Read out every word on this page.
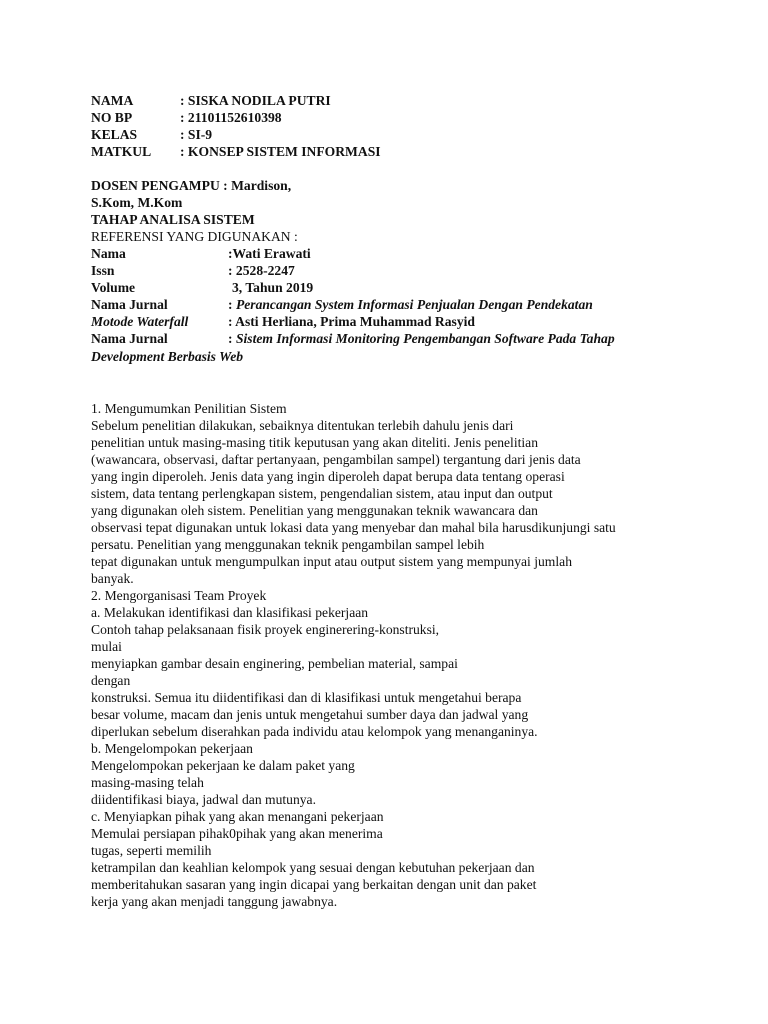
NAMA	: SISKA NODILA PUTRI
NO BP	: 21101152610398
KELAS	: SI-9
MATKUL : KONSEP SISTEM INFORMASI
DOSEN PENGAMPU : Mardison,
S.Kom, M.Kom
TAHAP ANALISA SISTEM
REFERENSI YANG DIGUNAKAN :
Nama	:Wati Erawati
Issn	: 2528-2247
Volume	3, Tahun 2019
Nama Jurnal	: Perancangan System Informasi Penjualan Dengan Pendekatan
Motode Waterfall	: Asti Herliana, Prima Muhammad Rasyid
Nama Jurnal	: Sistem Informasi Monitoring Pengembangan Software Pada Tahap
Development Berbasis Web
1. Mengumumkan Penilitian Sistem
Sebelum penelitian dilakukan, sebaiknya ditentukan terlebih dahulu jenis dari
penelitian untuk masing-masing titik keputusan yang akan diteliti. Jenis penelitian
(wawancara, observasi, daftar pertanyaan, pengambilan sampel) tergantung dari jenis data
yang ingin diperoleh. Jenis data yang ingin diperoleh dapat berupa data tentang operasi
sistem, data tentang perlengkapan sistem, pengendalian sistem, atau input dan output
yang digunakan oleh sistem. Penelitian yang menggunakan teknik wawancara dan
observasi tepat digunakan untuk lokasi data yang menyebar dan mahal bila harusdikunjungi satu
persatu. Penelitian yang menggunakan teknik pengambilan sampel lebih
tepat digunakan untuk mengumpulkan input atau output sistem yang mempunyai jumlah
banyak.
2. Mengorganisasi Team Proyek
a. Melakukan identifikasi dan klasifikasi pekerjaan
Contoh tahap pelaksanaan fisik proyek enginerering-konstruksi,
mulai
menyiapkan gambar desain enginering, pembelian material, sampai
dengan
konstruksi. Semua itu diidentifikasi dan di klasifikasi untuk mengetahui berapa
besar volume, macam dan jenis untuk mengetahui sumber daya dan jadwal yang
diperlukan sebelum diserahkan pada individu atau kelompok yang menanganinya.
b. Mengelompokan pekerjaan
Mengelompokan pekerjaan ke dalam paket yang
masing-masing telah
diidentifikasi biaya, jadwal dan mutunya.
c. Menyiapkan pihak yang akan menangani pekerjaan
Memulai persiapan pihak0pihak yang akan menerima
tugas, seperti memilih
ketrampilan dan keahlian kelompok yang sesuai dengan kebutuhan pekerjaan dan
memberitahukan sasaran yang ingin dicapai yang berkaitan dengan unit dan paket
kerja yang akan menjadi tanggung jawabnya.
